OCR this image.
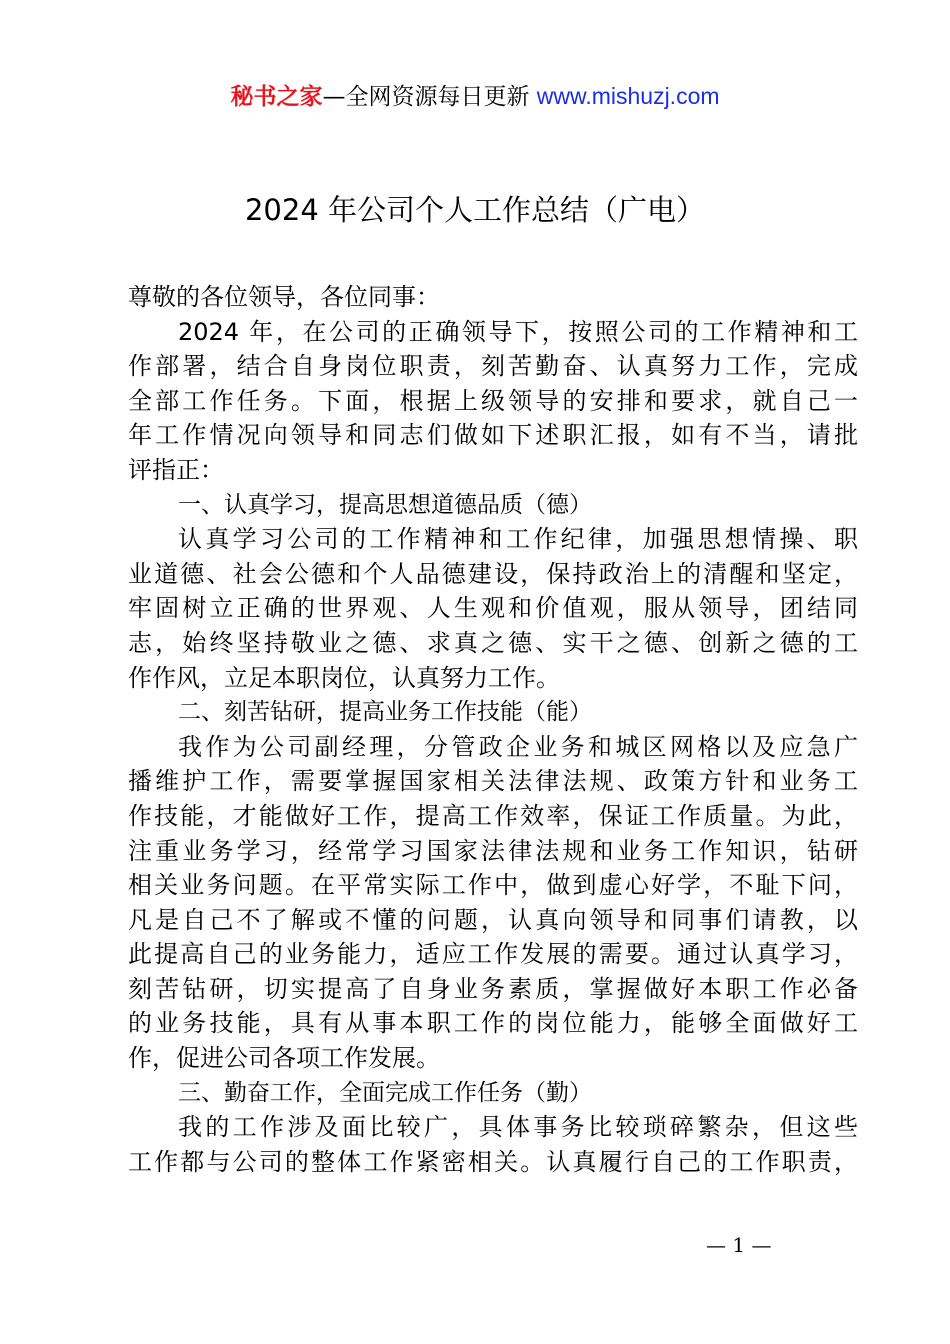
秘书之家—全网资源每日更新 www.mishuzj.com
2024 年公司个人工作总结（广电）
尊敬的各位领导，各位同事：
2024 年，在公司的正确领导下，按照公司的工作精神和工
作部署，结合自身岗位职责，刻苦勤奋、认真努力工作，完成
全部工作任务。下面，根据上级领导的安排和要求，就自己一
年工作情况向领导和同志们做如下述职汇报，如有不当，请批
评指正：
一、认真学习，提高思想道德品质（德）
认真学习公司的工作精神和工作纪律，加强思想情操、职
业道德、社会公德和个人品德建设，保持政治上的清醒和坚定，
牢固树立正确的世界观、人生观和价值观，服从领导，团结同
志，始终坚持敬业之德、求真之德、实干之德、创新之德的工
作作风，立足本职岗位，认真努力工作。
二、刻苦钻研，提高业务工作技能（能）
我作为公司副经理，分管政企业务和城区网格以及应急广
播维护工作，需要掌握国家相关法律法规、政策方针和业务工
作技能，才能做好工作，提高工作效率，保证工作质量。为此，
注重业务学习，经常学习国家法律法规和业务工作知识，钻研
相关业务问题。在平常实际工作中，做到虚心好学，不耻下问，
凡是自己不了解或不懂的问题，认真向领导和同事们请教，以
此提高自己的业务能力，适应工作发展的需要。通过认真学习，
刻苦钻研，切实提高了自身业务素质，掌握做好本职工作必备
的业务技能，具有从事本职工作的岗位能力，能够全面做好工
作，促进公司各项工作发展。
三、勤奋工作，全面完成工作任务（勤）
我的工作涉及面比较广，具体事务比较琐碎繁杂，但这些
工作都与公司的整体工作紧密相关。认真履行自己的工作职责，
— 1 —
